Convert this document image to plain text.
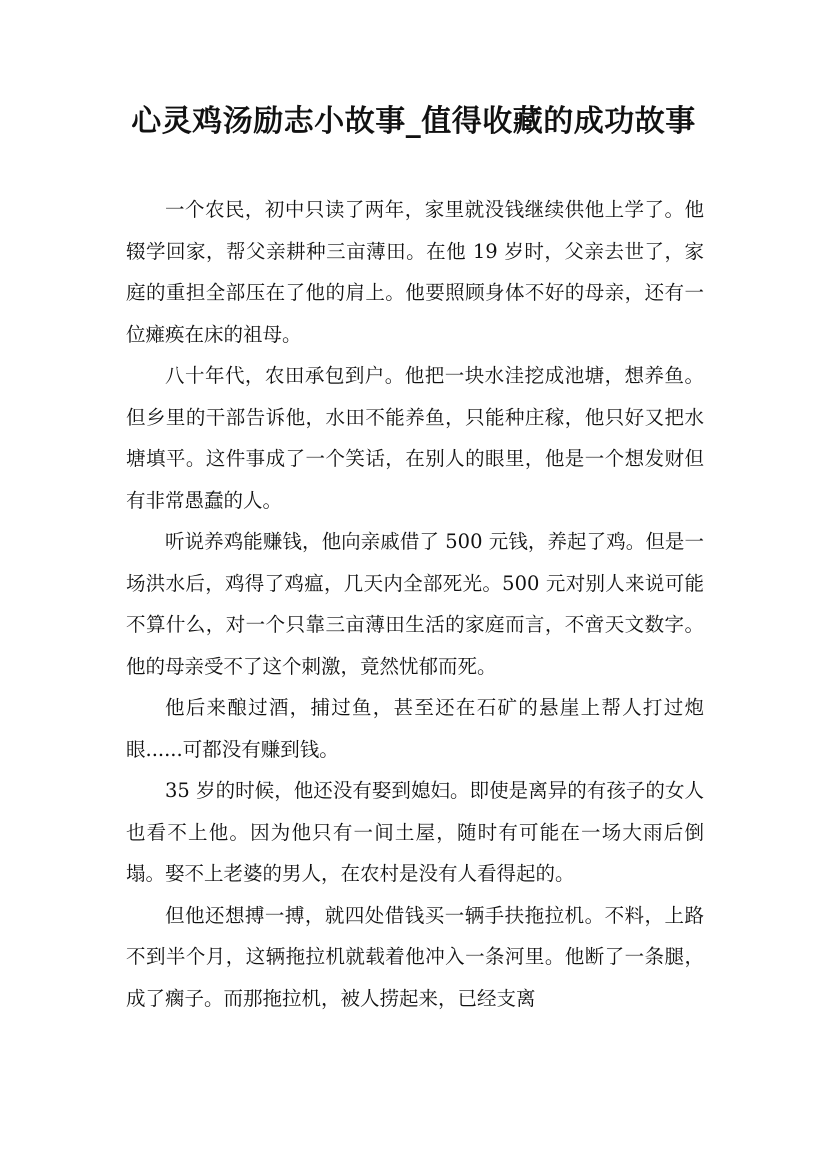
心灵鸡汤励志小故事_值得收藏的成功故事

一个农民，初中只读了两年，家里就没钱继续供他上学了。他辍学回家，帮父亲耕种三亩薄田。在他 19 岁时，父亲去世了，家庭的重担全部压在了他的肩上。他要照顾身体不好的母亲，还有一位瘫痪在床的祖母。

八十年代，农田承包到户。他把一块水洼挖成池塘，想养鱼。但乡里的干部告诉他，水田不能养鱼，只能种庄稼，他只好又把水塘填平。这件事成了一个笑话，在别人的眼里，他是一个想发财但有非常愚蠢的人。

听说养鸡能赚钱，他向亲戚借了 500 元钱，养起了鸡。但是一场洪水后，鸡得了鸡瘟，几天内全部死光。500 元对别人来说可能不算什么，对一个只靠三亩薄田生活的家庭而言，不啻天文数字。他的母亲受不了这个刺激，竟然忧郁而死。

他后来酿过酒，捕过鱼，甚至还在石矿的悬崖上帮人打过炮眼......可都没有赚到钱。

35 岁的时候，他还没有娶到媳妇。即使是离异的有孩子的女人也看不上他。因为他只有一间土屋，随时有可能在一场大雨后倒塌。娶不上老婆的男人，在农村是没有人看得起的。

但他还想搏一搏，就四处借钱买一辆手扶拖拉机。不料，上路不到半个月，这辆拖拉机就载着他冲入一条河里。他断了一条腿，成了瘸子。而那拖拉机，被人捞起来，已经支离
